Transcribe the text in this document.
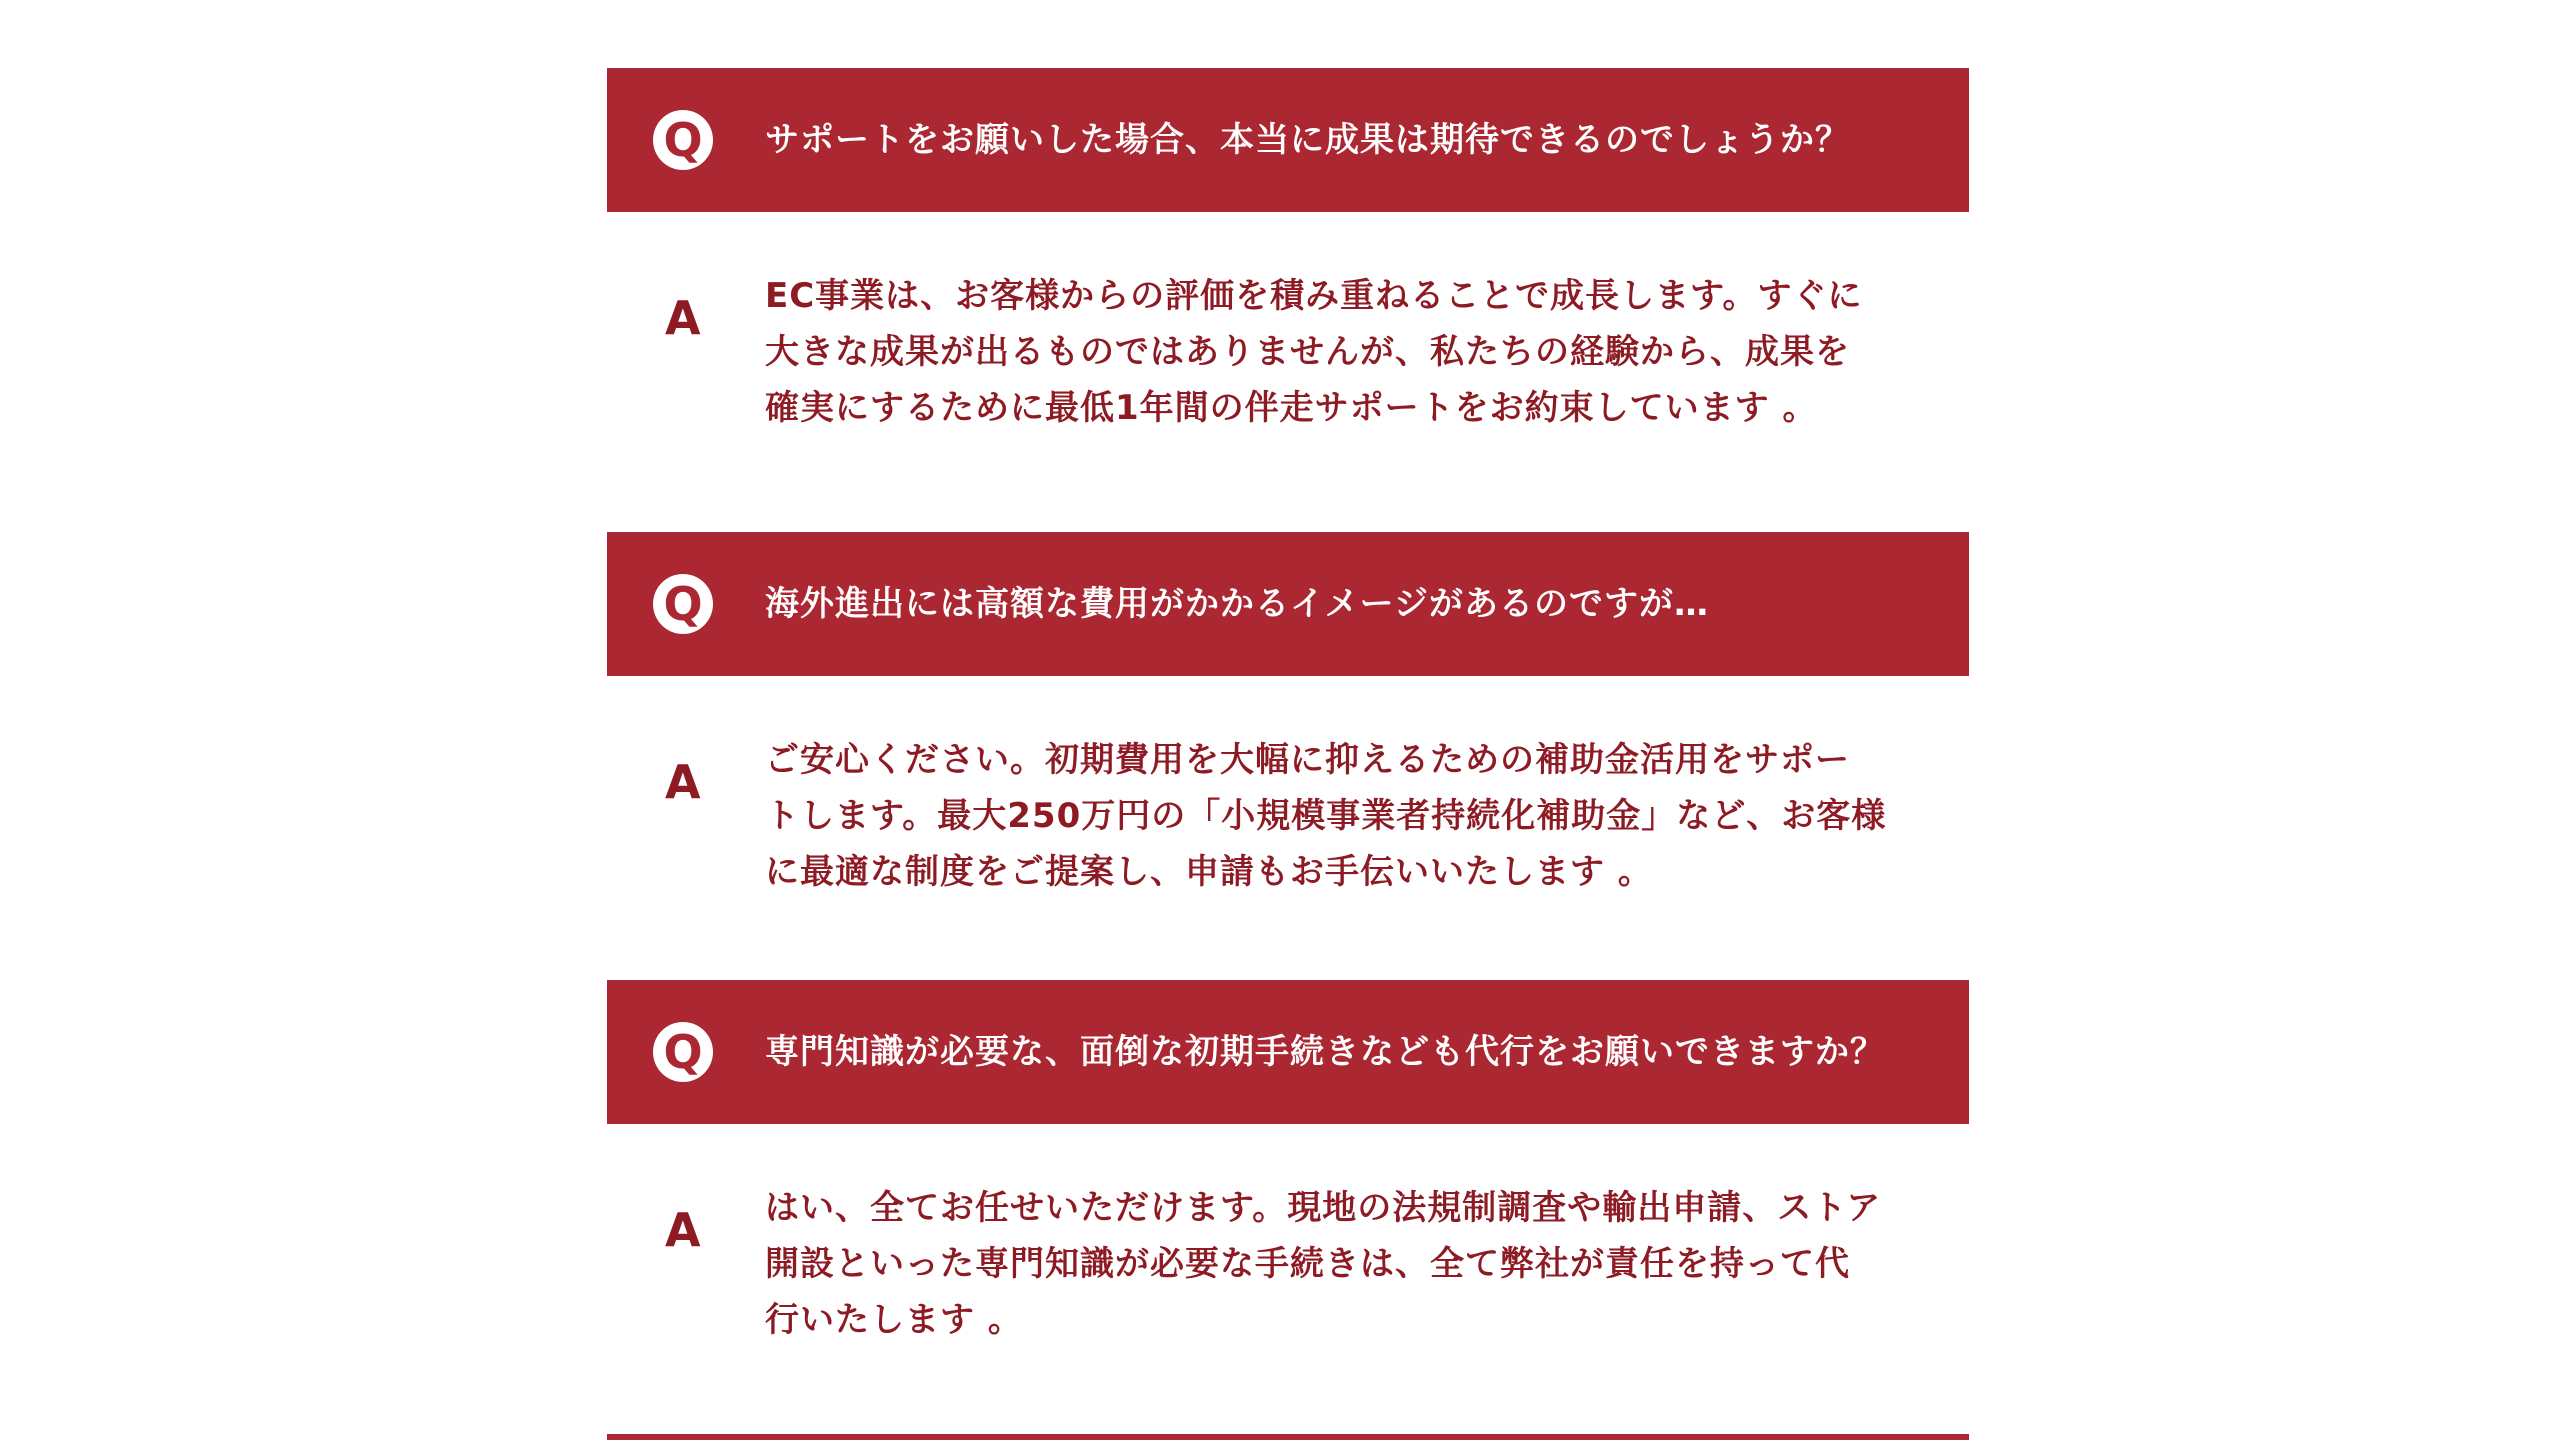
Q	サポートをお願いした場合、本当に成果は期待できるのでしょうか？
A EC事業は、お客様からの評価を積み重ねることで成長します。すぐに
大きな成果が出るものではありませんが、私たちの経験から、成果を
確実にするために最低1年間の伴走サポートをお約束しています 。
Q	海外進出には高額な費用がかかるイメージがあるのですが…
A ご安心ください。初期費用を大幅に抑えるための補助金活用をサポー
トします。最大250万円の「小規模事業者持続化補助金」など、お客様
に最適な制度をご提案し、申請もお手伝いいたします 。
Q	専門知識が必要な、面倒な初期手続きなども代行をお願いできますか？
A はい、全てお任せいただけます。現地の法規制調査や輸出申請、ストア
開設といった専門知識が必要な手続きは、全て弊社が責任を持って代
行いたします 。
